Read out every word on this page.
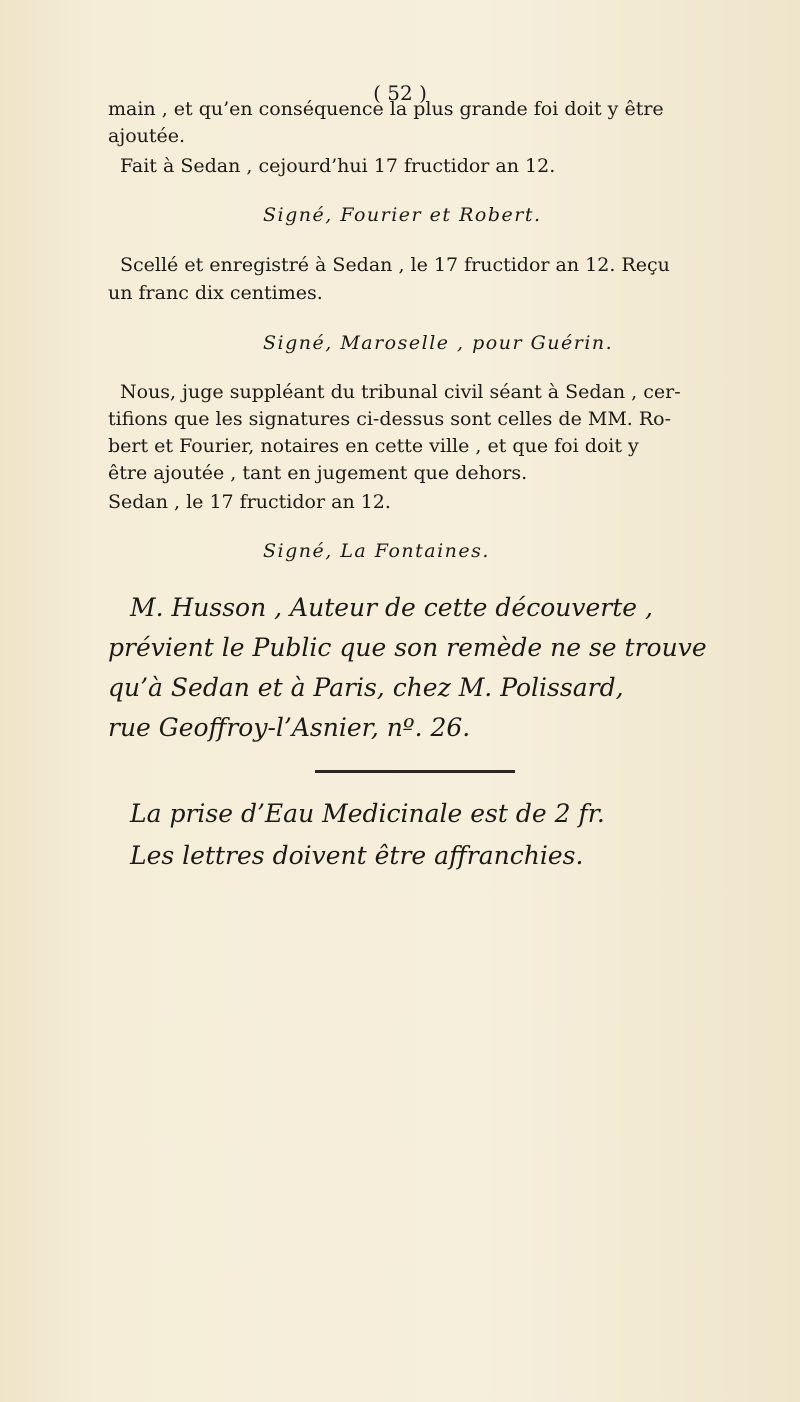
( 52 )

main , et qu’en conséquence la plus grande foi doit y être

ajoutée.

Fait à Sedan , cejourd’hui 17 fructidor an 12.

Signé, Fourier et Robert.

Scellé et enregistré à Sedan , le 17 fructidor an 12. Reçu

un franc dix centimes.

Signé, Maroselle , pour Guérin.

Nous, juge suppléant du tribunal civil séant à Sedan , cer-

tifions que les signatures ci-dessus sont celles de MM. Ro-

bert et Fourier, notaires en cette ville , et que foi doit y

être ajoutée , tant en jugement que dehors.

Sedan , le 17 fructidor an 12.

Signé, La Fontaines.

M. Husson , Auteur de cette découverte ,

prévient le Public que son remède ne se trouve

qu’à Sedan et à Paris, chez M. Polissard,

rue Geoffroy-l’Asnier, nº. 26.

La prise d’Eau Medicinale est de 2 fr.

Les lettres doivent être affranchies.
